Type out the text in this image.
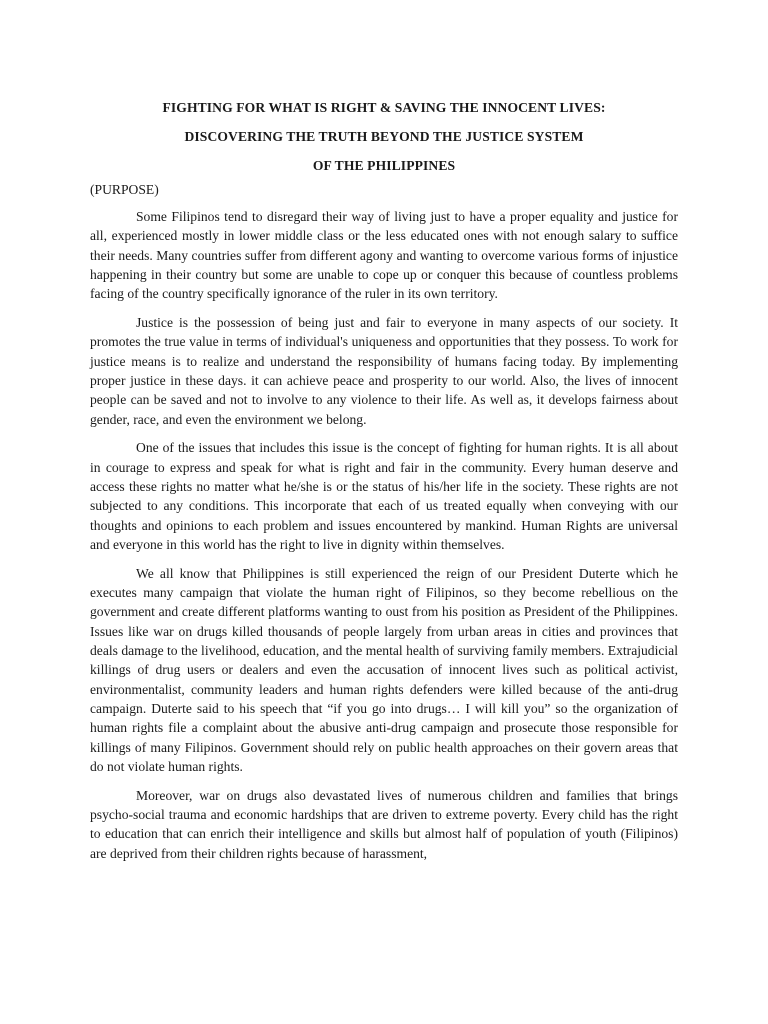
FIGHTING FOR WHAT IS RIGHT & SAVING THE INNOCENT LIVES:
DISCOVERING THE TRUTH BEYOND THE JUSTICE SYSTEM
OF THE PHILIPPINES
(PURPOSE)

Some Filipinos tend to disregard their way of living just to have a proper equality and justice for all, experienced mostly in lower middle class or the less educated ones with not enough salary to suffice their needs. Many countries suffer from different agony and wanting to overcome various forms of injustice happening in their country but some are unable to cope up or conquer this because of countless problems facing of the country specifically ignorance of the ruler in its own territory.

Justice is the possession of being just and fair to everyone in many aspects of our society. It promotes the true value in terms of individual's uniqueness and opportunities that they possess. To work for justice means is to realize and understand the responsibility of humans facing today. By implementing proper justice in these days. it can achieve peace and prosperity to our world. Also, the lives of innocent people can be saved and not to involve to any violence to their life. As well as, it develops fairness about gender, race, and even the environment we belong.

One of the issues that includes this issue is the concept of fighting for human rights. It is all about in courage to express and speak for what is right and fair in the community. Every human deserve and access these rights no matter what he/she is or the status of his/her life in the society. These rights are not subjected to any conditions. This incorporate that each of us treated equally when conveying with our thoughts and opinions to each problem and issues encountered by mankind. Human Rights are universal and everyone in this world has the right to live in dignity within themselves.

We all know that Philippines is still experienced the reign of our President Duterte which he executes many campaign that violate the human right of Filipinos, so they become rebellious on the government and create different platforms wanting to oust from his position as President of the Philippines. Issues like war on drugs killed thousands of people largely from urban areas in cities and provinces that deals damage to the livelihood, education, and the mental health of surviving family members. Extrajudicial killings of drug users or dealers and even the accusation of innocent lives such as political activist, environmentalist, community leaders and human rights defenders were killed because of the anti-drug campaign. Duterte said to his speech that “if you go into drugs… I will kill you” so the organization of human rights file a complaint about the abusive anti-drug campaign and prosecute those responsible for killings of many Filipinos. Government should rely on public health approaches on their govern areas that do not violate human rights.

Moreover, war on drugs also devastated lives of numerous children and families that brings psycho-social trauma and economic hardships that are driven to extreme poverty. Every child has the right to education that can enrich their intelligence and skills but almost half of population of youth (Filipinos) are deprived from their children rights because of harassment,
